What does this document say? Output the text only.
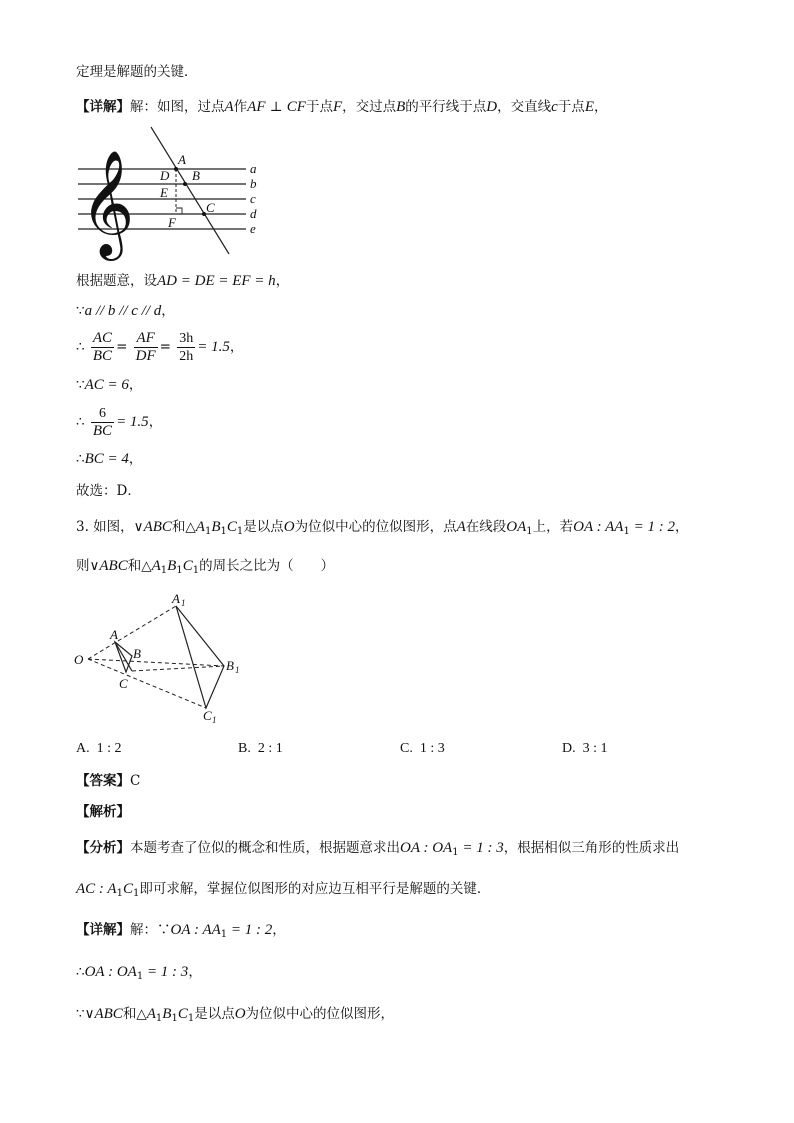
定理是解题的关键．
【详解】解：如图，过点A作AF ⊥ CF于点F，交过点B的平行线于点D，交直线c于点E，
𝄞	A
B
C
D
E
F
a
b
c
d
e
根据题意，设AD = DE = EF = h，
∵a // b // c // d，
∴ $\frac{AC}{BC} = \frac{AF}{DF} = \frac{3h}{2h} = 1.5$，
∵AC = 6，
∴ $\frac{6}{BC} = 1.5$，
∴BC = 4，
故选：D．
3. 如图，∨ABC和$\triangle A_1B_1C_1$是以点O为位似中心的位似图形，点A在线段$OA_1$上，若OA : $AA_1 = 1$ : 2，
则∨ABC和$\triangle A_1B_1C_1$的周长之比为（　　）
O
A
B
C
A 1
B 1
C 1
A. 1 : 2	B. 2 : 1	C. 1 : 3	D. 3 : 1
【答案】C
【解析】
【分析】本题考查了位似的概念和性质，根据题意求出OA : $OA_1 = 1$ : 3，根据相似三角形的性质求出
AC : $A_1C_1$即可求解，掌握位似图形的对应边互相平行是解题的关键．
【详解】解：∵OA : $AA_1 = 1$ : 2，
∴OA : $OA_1 = 1$ : 3，
∵∨ABC和$\triangle A_1B_1C_1$是以点O为位似中心的位似图形，
